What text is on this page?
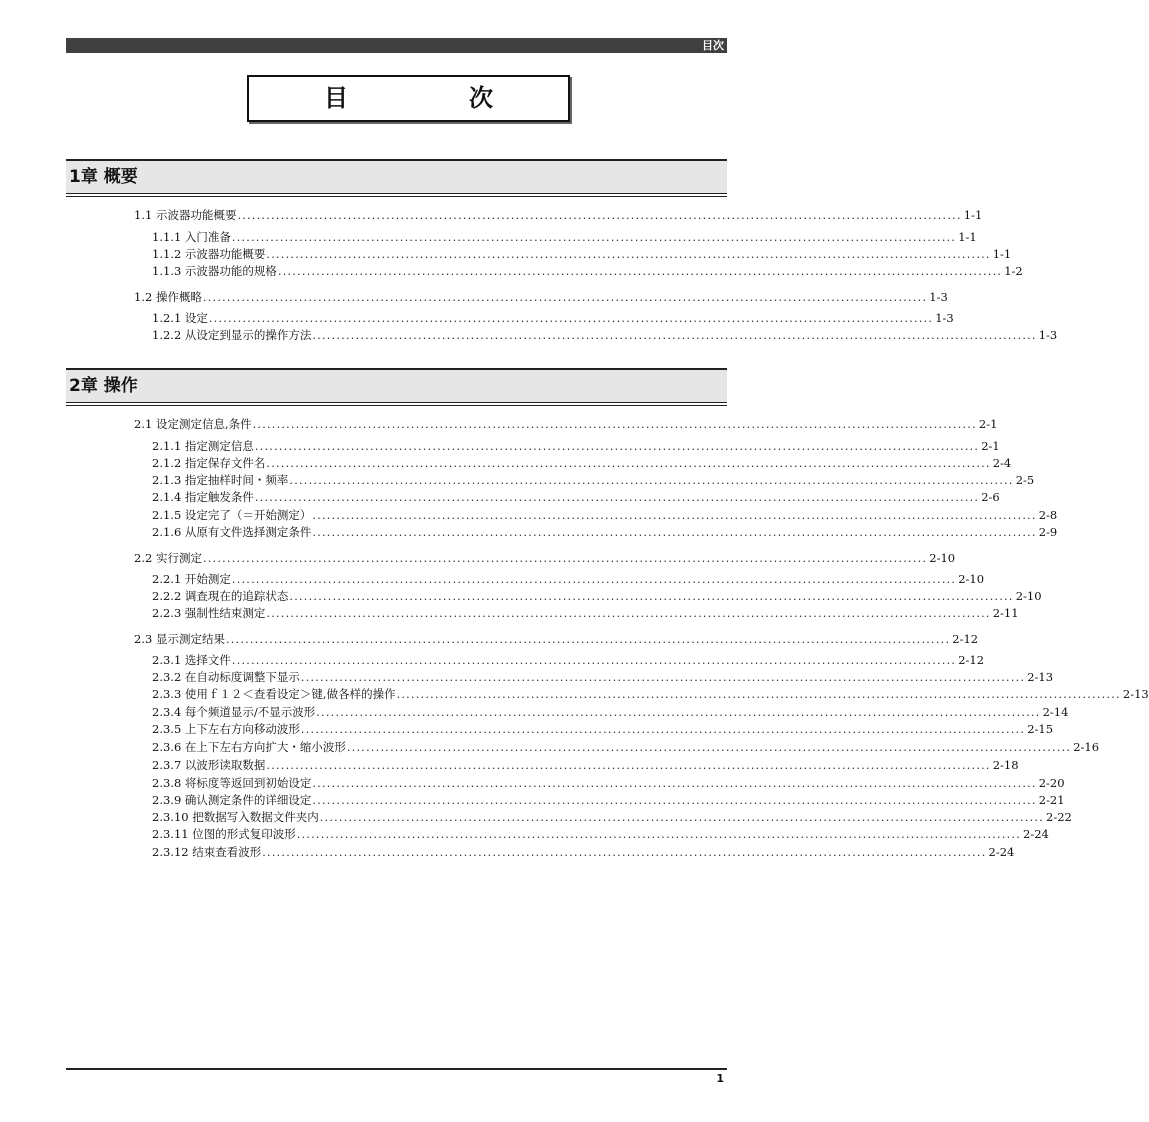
目次
目	次
1章 概要
1.1 示波器功能概要 ....................................................................................................................................................... 1-1
1.1.1 入门准备 ....................................................................................................................................................... 1-1
1.1.2 示波器功能概要 ....................................................................................................................................................... 1-1
1.1.3 示波器功能的规格 ....................................................................................................................................................... 1-2
1.2 操作概略 ....................................................................................................................................................... 1-3
1.2.1 设定 ....................................................................................................................................................... 1-3
1.2.2 从设定到显示的操作方法 ....................................................................................................................................................... 1-3
2章 操作
2.1 设定测定信息,条件 ....................................................................................................................................................... 2-1
2.1.1 指定测定信息 ....................................................................................................................................................... 2-1
2.1.2 指定保存文件名 ....................................................................................................................................................... 2-4
2.1.3 指定抽样时间・频率 ....................................................................................................................................................... 2-5
2.1.4 指定触发条件 ....................................................................................................................................................... 2-6
2.1.5 设定完了（＝开始测定） ....................................................................................................................................................... 2-8
2.1.6 从原有文件选择测定条件 ....................................................................................................................................................... 2-9
2.2 实行测定 ....................................................................................................................................................... 2-10
2.2.1 开始测定 ....................................................................................................................................................... 2-10
2.2.2 调查現在的追踪状态 ....................................................................................................................................................... 2-10
2.2.3 强制性结束测定 ....................................................................................................................................................... 2-11
2.3 显示测定结果 ....................................................................................................................................................... 2-12
2.3.1 选择文件 ....................................................................................................................................................... 2-12
2.3.2 在自动标度调整下显示 ....................................................................................................................................................... 2-13
2.3.3 使用ｆ１２＜查看设定＞键,做各样的操作 ....................................................................................................................................................... 2-13
2.3.4 每个频道显示/不显示波形 ....................................................................................................................................................... 2-14
2.3.5 上下左右方向移动波形 ....................................................................................................................................................... 2-15
2.3.6 在上下左右方向扩大・缩小波形 ....................................................................................................................................................... 2-16
2.3.7 以波形读取数据 ....................................................................................................................................................... 2-18
2.3.8 将标度等返回到初始设定 ....................................................................................................................................................... 2-20
2.3.9 确认测定条件的详细设定 ....................................................................................................................................................... 2-21
2.3.10 把数据写入数据文件夹内 ....................................................................................................................................................... 2-22
2.3.11 位图的形式复印波形 ....................................................................................................................................................... 2-24
2.3.12 结束查看波形 ....................................................................................................................................................... 2-24
1
